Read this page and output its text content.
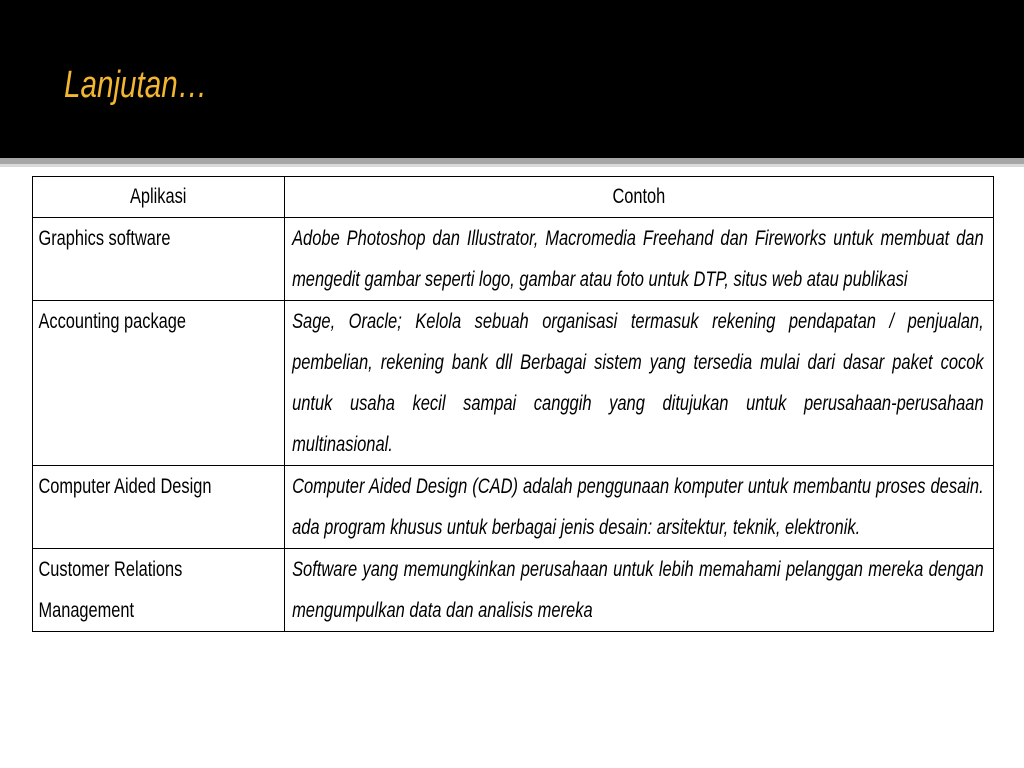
Lanjutan…
Aplikasi	Contoh

Graphics software	Adobe Photoshop dan Illustrator, Macromedia Freehand dan Fireworks untuk membuat dan mengedit gambar seperti logo, gambar atau foto untuk DTP, situs web atau publikasi

Accounting package	Sage, Oracle; Kelola sebuah organisasi termasuk rekening pendapatan / penjualan, pembelian, rekening bank dll Berbagai sistem yang tersedia mulai dari dasar paket cocok untuk usaha kecil sampai canggih yang ditujukan untuk perusahaan-perusahaan multinasional.

Computer Aided Design	Computer Aided Design (CAD) adalah penggunaan komputer untuk membantu proses desain. ada program khusus untuk berbagai jenis desain: arsitektur, teknik, elektronik.

Customer Relations Management	Software yang memungkinkan perusahaan untuk lebih memahami pelanggan mereka dengan mengumpulkan data dan analisis mereka
